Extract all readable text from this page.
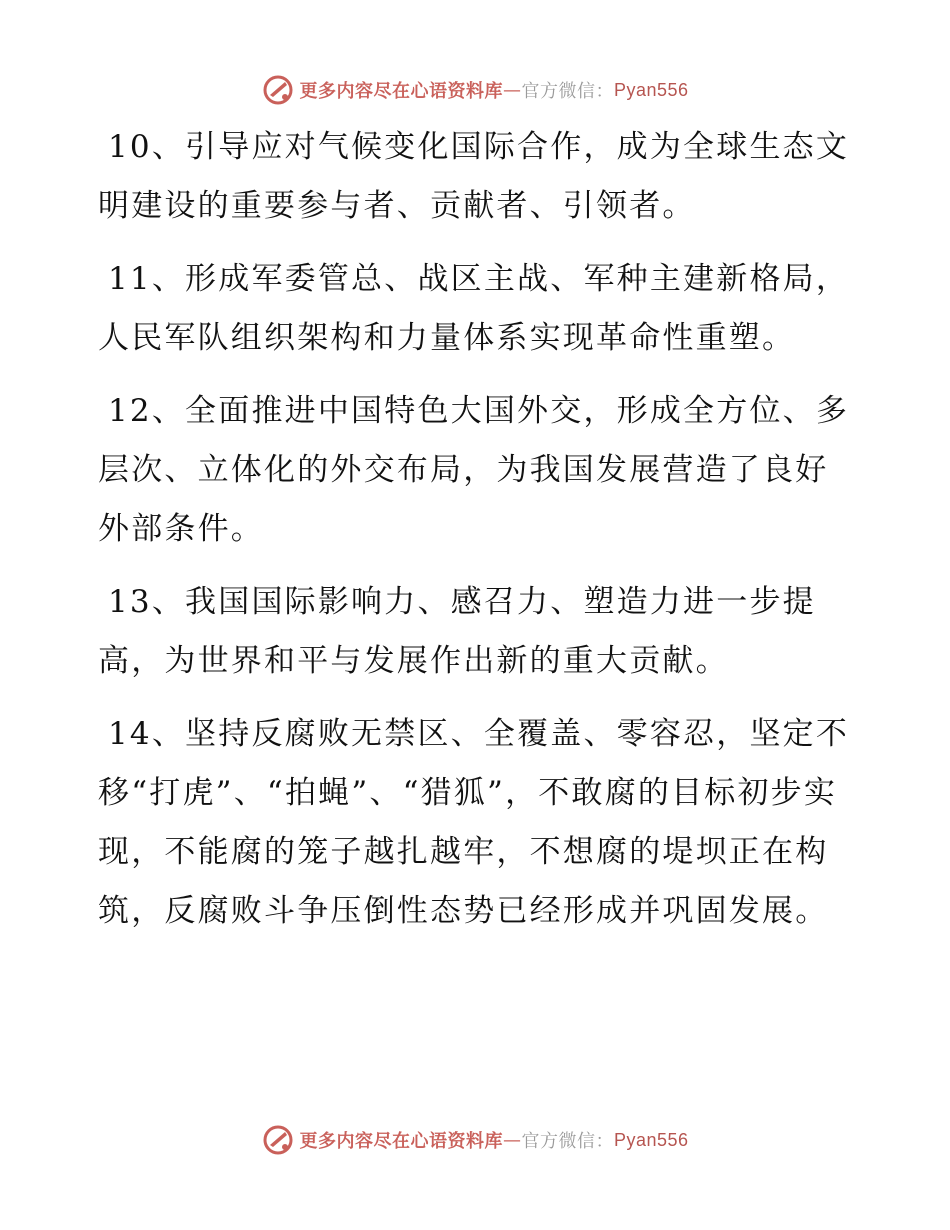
更多内容尽在心语资料库 — 官方微信： Pyan556

10、引导应对气候变化国际合作，成为全球生态文明建设的重要参与者、贡献者、引领者。

11、形成军委管总、战区主战、军种主建新格局，人民军队组织架构和力量体系实现革命性重塑。

12、全面推进中国特色大国外交，形成全方位、多层次、立体化的外交布局，为我国发展营造了良好外部条件。

13、我国国际影响力、感召力、塑造力进一步提高，为世界和平与发展作出新的重大贡献。

14、坚持反腐败无禁区、全覆盖、零容忍，坚定不移“打虎”、“拍蝇”、“猎狐”，不敢腐的目标初步实现，不能腐的笼子越扎越牢，不想腐的堤坝正在构筑，反腐败斗争压倒性态势已经形成并巩固发展。

更多内容尽在心语资料库 — 官方微信： Pyan556
